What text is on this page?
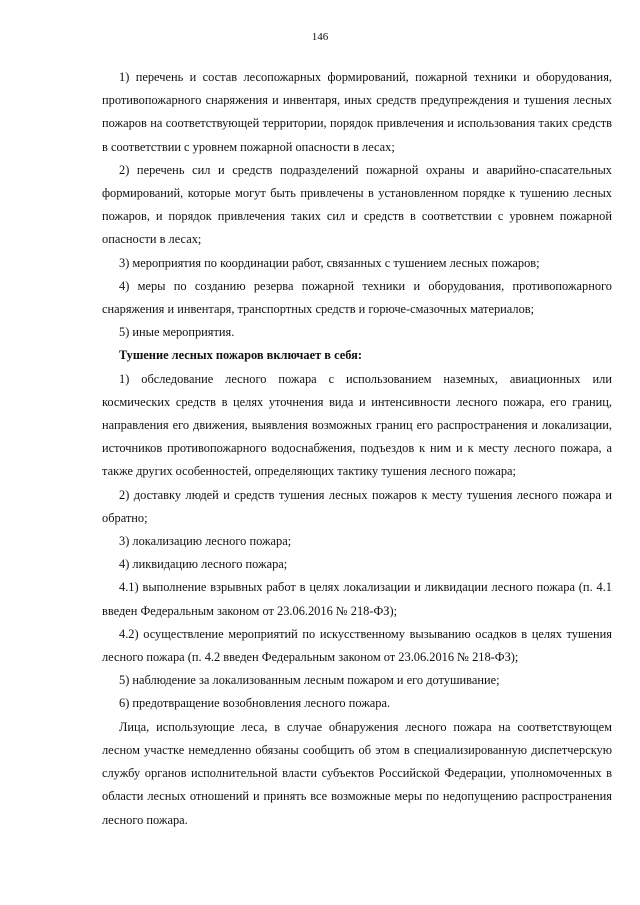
146

1) перечень и состав лесопожарных формирований, пожарной техники и оборудования, противопожарного снаряжения и инвентаря, иных средств предупреждения и тушения лесных пожаров на соответствующей территории, порядок привлечения и использования таких средств в соответствии с уровнем пожарной опасности в лесах;

2) перечень сил и средств подразделений пожарной охраны и аварийно-спасательных формирований, которые могут быть привлечены в установленном порядке к тушению лесных пожаров, и порядок привлечения таких сил и средств в соответствии с уровнем пожарной опасности в лесах;

3) мероприятия по координации работ, связанных с тушением лесных пожаров;

4) меры по созданию резерва пожарной техники и оборудования, противопожарного снаряжения и инвентаря, транспортных средств и горюче-смазочных материалов;

5) иные мероприятия.

Тушение лесных пожаров включает в себя:

1) обследование лесного пожара с использованием наземных, авиационных или космических средств в целях уточнения вида и интенсивности лесного пожара, его границ, направления его движения, выявления возможных границ его распространения и локализации, источников противопожарного водоснабжения, подъездов к ним и к месту лесного пожара, а также других особенностей, определяющих тактику тушения лесного пожара;

2) доставку людей и средств тушения лесных пожаров к месту тушения лесного пожара и обратно;

3) локализацию лесного пожара;

4) ликвидацию лесного пожара;

4.1) выполнение взрывных работ в целях локализации и ликвидации лесного пожара (п. 4.1 введен Федеральным законом от 23.06.2016 № 218-ФЗ);

4.2) осуществление мероприятий по искусственному вызыванию осадков в целях тушения лесного пожара (п. 4.2 введен Федеральным законом от 23.06.2016 № 218-ФЗ);

5) наблюдение за локализованным лесным пожаром и его дотушивание;

6) предотвращение возобновления лесного пожара.

Лица, использующие леса, в случае обнаружения лесного пожара на соответствующем лесном участке немедленно обязаны сообщить об этом в специализированную диспетчерскую службу органов исполнительной власти субъектов Российской Федерации, уполномоченных в области лесных отношений и принять все возможные меры по недопущению распространения лесного пожара.
